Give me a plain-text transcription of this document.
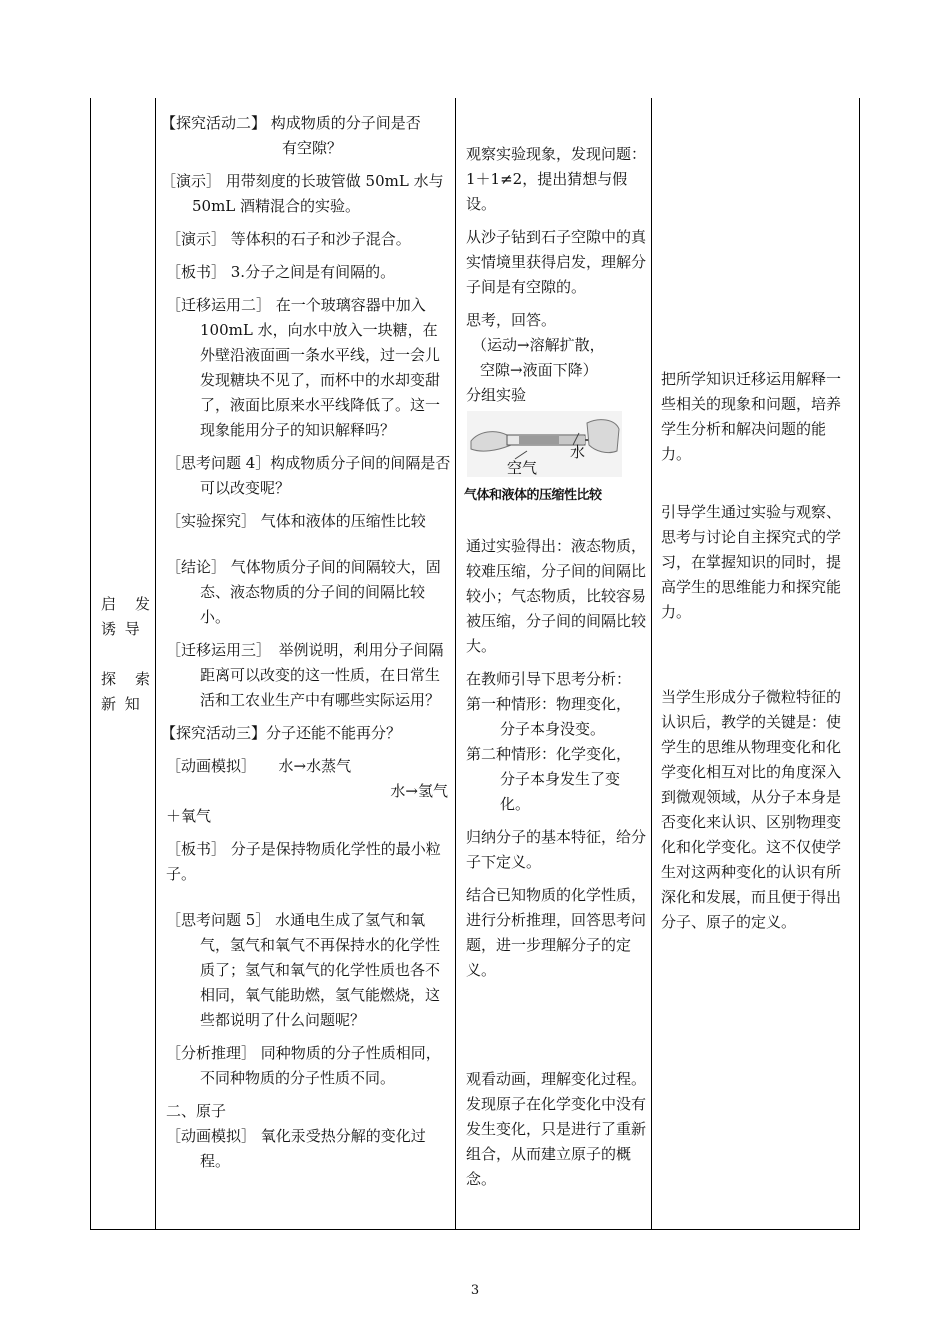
启　发
诱 导
探　索
新 知
【探究活动二】 构成物质的分子间是否
有空隙？
［演示］ 用带刻度的长玻管做 50mL 水与 50mL 酒精混合的实验。
［演示］ 等体积的石子和沙子混合。
［板书］ 3.分子之间是有间隔的。
［迁移运用二］ 在一个玻璃容器中加入100mL 水，向水中放入一块糖，在外壁沿液面画一条水平线，过一会儿发现糖块不见了，而杯中的水却变甜了，液面比原来水平线降低了。这一现象能用分子的知识解释吗？
［思考问题 4］构成物质分子间的间隔是否可以改变呢？
［实验探究］ 气体和液体的压缩性比较
［结论］ 气体物质分子间的间隔较大，固态、液态物质的分子间的间隔比较小。
［迁移运用三］　举例说明，利用分子间隔距离可以改变的这一性质，在日常生活和工农业生产中有哪些实际运用？
【探究活动三】分子还能不能再分？
［动画模拟］　　水→水蒸气
水→氢气
＋氧气
［板书］ 分子是保持物质化学性的最小粒子。
［思考问题 5］ 水通电生成了氢气和氧气，氢气和氧气不再保持水的化学性质了；氢气和氧气的化学性质也各不相同，氧气能助燃，氢气能燃烧，这些都说明了什么问题呢？
［分析推理］ 同种物质的分子性质相同，不同种物质的分子性质不同。
二、原子
［动画模拟］ 氧化汞受热分解的变化过程。
观察实验现象，发现问题：1＋1≠2，提出猜想与假设。
从沙子钻到石子空隙中的真实情境里获得启发，理解分子间是有空隙的。
思考，回答。
（运动→溶解扩散，
空隙→液面下降）
分组实验
空气
水
气体和液体的压缩性比较
通过实验得出：液态物质，较难压缩，分子间的间隔比较小；气态物质，比较容易被压缩，分子间的间隔比较大。
在教师引导下思考分析：
第一种情形：物理变化，
分子本身没变。
第二种情形：化学变化，
分子本身发生了变化。
归纳分子的基本特征，给分子下定义。
结合已知物质的化学性质，进行分析推理，回答思考问题，进一步理解分子的定义。
观看动画，理解变化过程。发现原子在化学变化中没有发生变化，只是进行了重新组合，从而建立原子的概念。
把所学知识迁移运用解释一些相关的现象和问题，培养学生分析和解决问题的能力。
引导学生通过实验与观察、思考与讨论自主探究式的学习，在掌握知识的同时，提高学生的思维能力和探究能力。
当学生形成分子微粒特征的认识后，教学的关键是：使学生的思维从物理变化和化学变化相互对比的角度深入到微观领域，从分子本身是否变化来认识、区别物理变化和化学变化。这不仅使学生对这两种变化的认识有所深化和发展，而且便于得出分子、原子的定义。
3
